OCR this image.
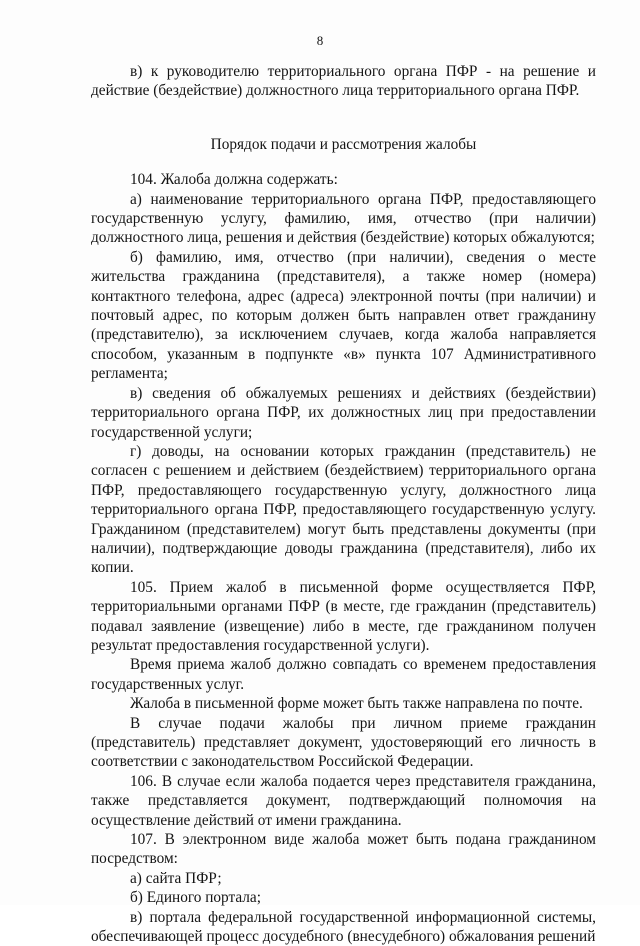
8

в) к руководителю территориального органа ПФР - на решение и действие (бездействие) должностного лица территориального органа ПФР.

Порядок подачи и рассмотрения жалобы

104. Жалоба должна содержать:

а) наименование территориального органа ПФР, предоставляющего государственную услугу, фамилию, имя, отчество (при наличии) должностного лица, решения и действия (бездействие) которых обжалуются;

б) фамилию, имя, отчество (при наличии), сведения о месте жительства гражданина (представителя), а также номер (номера) контактного телефона, адрес (адреса) электронной почты (при наличии) и почтовый адрес, по которым должен быть направлен ответ гражданину (представителю), за исключением случаев, когда жалоба направляется способом, указанным в подпункте «в» пункта 107 Административного регламента;

в) сведения об обжалуемых решениях и действиях (бездействии) территориального органа ПФР, их должностных лиц при предоставлении государственной услуги;

г) доводы, на основании которых гражданин (представитель) не согласен с решением и действием (бездействием) территориального органа ПФР, предоставляющего государственную услугу, должностного лица территориального органа ПФР, предоставляющего государственную услугу. Гражданином (представителем) могут быть представлены документы (при наличии), подтверждающие доводы гражданина (представителя), либо их копии.

105. Прием жалоб в письменной форме осуществляется ПФР, территориальными органами ПФР (в месте, где гражданин (представитель) подавал заявление (извещение) либо в месте, где гражданином получен результат предоставления государственной услуги).

Время приема жалоб должно совпадать со временем предоставления государственных услуг.

Жалоба в письменной форме может быть также направлена по почте.

В случае подачи жалобы при личном приеме гражданин (представитель) представляет документ, удостоверяющий его личность в соответствии с законодательством Российской Федерации.

106. В случае если жалоба подается через представителя гражданина, также представляется документ, подтверждающий полномочия на осуществление действий от имени гражданина.

107. В электронном виде жалоба может быть подана гражданином посредством:

а) сайта ПФР;

б) Единого портала;

в) портала федеральной государственной информационной системы, обеспечивающей процесс досудебного (внесудебного) обжалования решений
